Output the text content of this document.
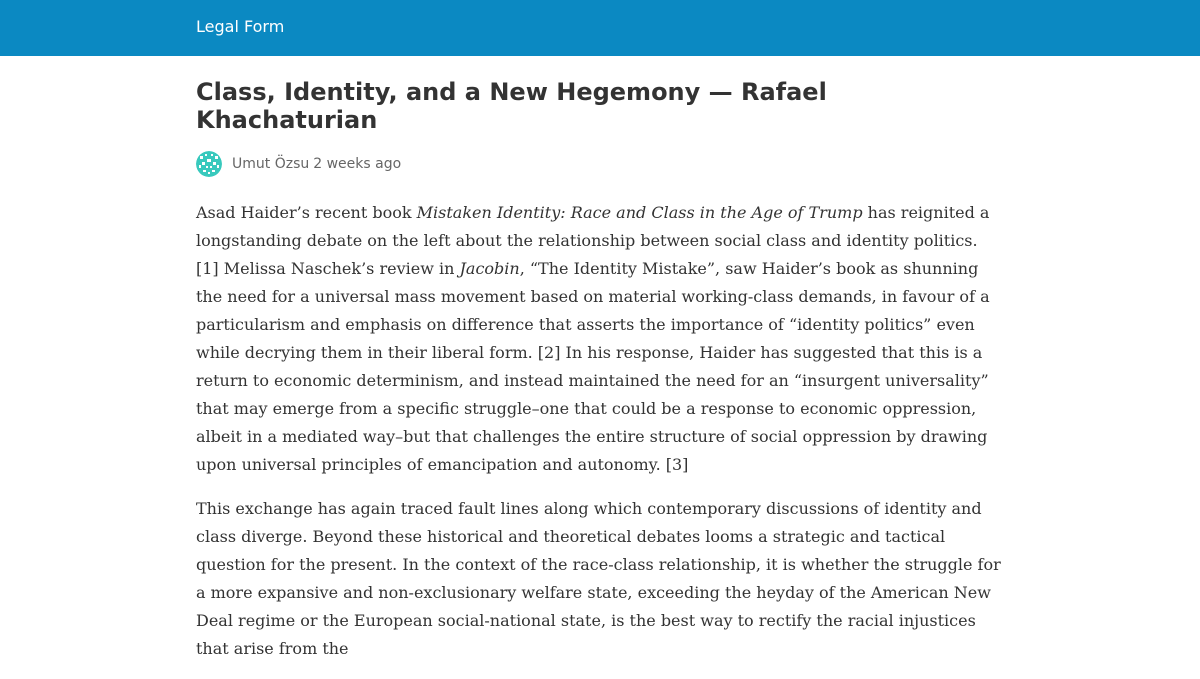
Legal Form
Class, Identity, and a New Hegemony — Rafael Khachaturian
Umut Özsu 2 weeks ago

Asad Haider’s recent book Mistaken Identity: Race and Class in the Age of Trump has reignited a longstanding debate on the left about the relationship between social class and identity politics. [1] Melissa Naschek’s review in Jacobin, “The Identity Mistake”, saw Haider’s book as shunning the need for a universal mass movement based on material working-class demands, in favour of a particularism and emphasis on difference that asserts the importance of “identity politics” even while decrying them in their liberal form. [2] In his response, Haider has suggested that this is a return to economic determinism, and instead maintained the need for an “insurgent universality” that may emerge from a specific struggle–one that could be a response to economic oppression, albeit in a mediated way–but that challenges the entire structure of social oppression by drawing upon universal principles of emancipation and autonomy. [3]

This exchange has again traced fault lines along which contemporary discussions of identity and class diverge. Beyond these historical and theoretical debates looms a strategic and tactical question for the present. In the context of the race-class relationship, it is whether the struggle for a more expansive and non-exclusionary welfare state, exceeding the heyday of the American New Deal regime or the European social-national state, is the best way to rectify the racial injustices that arise from the
